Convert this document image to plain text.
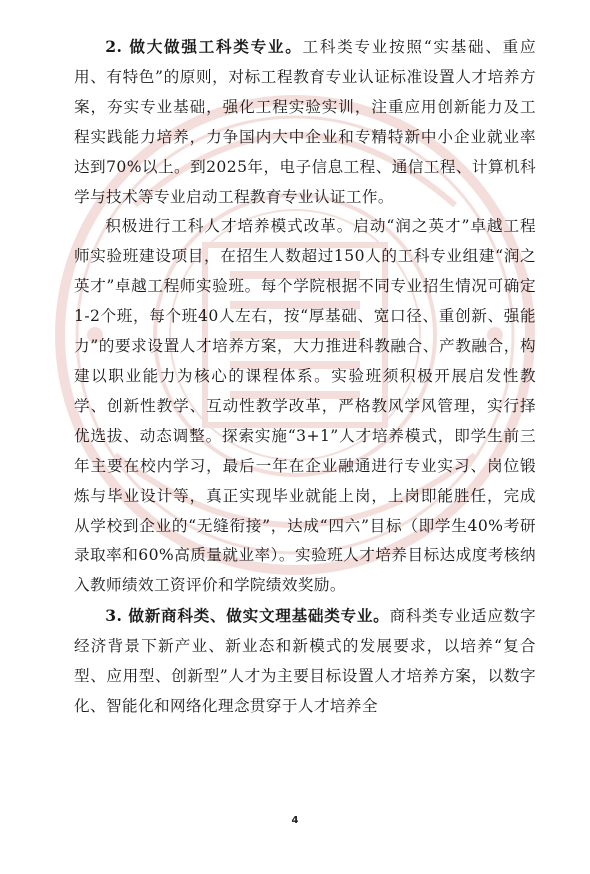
2. 做大做强工科类专业。工科类专业按照“实基础、重应用、有特色”的原则，对标工程教育专业认证标准设置人才培养方案，夯实专业基础，强化工程实验实训，注重应用创新能力及工程实践能力培养，力争国内大中企业和专精特新中小企业就业率达到70%以上。到2025年，电子信息工程、通信工程、计算机科学与技术等专业启动工程教育专业认证工作。

积极进行工科人才培养模式改革。启动“润之英才”卓越工程师实验班建设项目，在招生人数超过150人的工科专业组建“润之英才”卓越工程师实验班。每个学院根据不同专业招生情况可确定1-2个班，每个班40人左右，按“厚基础、宽口径、重创新、强能力”的要求设置人才培养方案，大力推进科教融合、产教融合，构建以职业能力为核心的课程体系。实验班须积极开展启发性教学、创新性教学、互动性教学改革，严格教风学风管理，实行择优选拔、动态调整。探索实施“3+1”人才培养模式，即学生前三年主要在校内学习，最后一年在企业融通进行专业实习、岗位锻炼与毕业设计等，真正实现毕业就能上岗，上岗即能胜任，完成从学校到企业的“无缝衔接”，达成“四六”目标（即学生40%考研录取率和60%高质量就业率）。实验班人才培养目标达成度考核纳入教师绩效工资评价和学院绩效奖励。

3. 做新商科类、做实文理基础类专业。商科类专业适应数字经济背景下新产业、新业态和新模式的发展要求，以培养“复合型、应用型、创新型”人才为主要目标设置人才培养方案，以数字化、智能化和网络化理念贯穿于人才培养全

4
